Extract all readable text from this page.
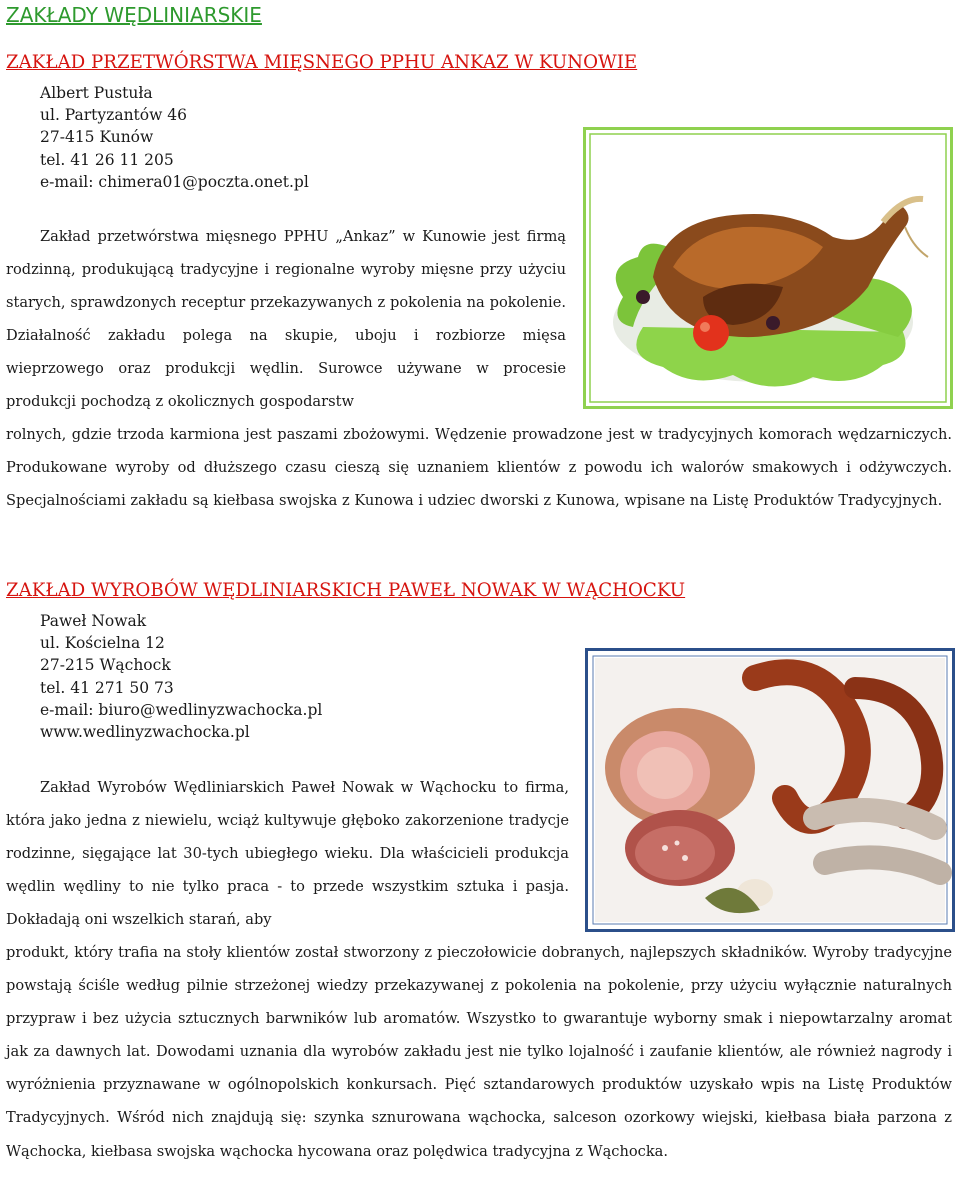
ZAKŁADY WĘDLINIARSKIE
ZAKŁAD PRZETWÓRSTWA MIĘSNEGO PPHU ANKAZ W KUNOWIE
Albert Pustuła
ul. Partyzantów 46
27-415 Kunów
tel. 41 26 11 205
e-mail: chimera01@poczta.onet.pl

Zakład przetwórstwa mięsnego PPHU „Ankaz” w Kunowie jest firmą rodzinną, produkującą tradycyjne i regionalne wyroby mięsne przy użyciu starych, sprawdzonych receptur przekazywanych z pokolenia na pokolenie. Działalność zakładu polega na skupie, uboju i rozbiorze mięsa wieprzowego oraz produkcji wędlin. Surowce używane w procesie produkcji pochodzą z okolicznych gospodarstw

rolnych, gdzie trzoda karmiona jest paszami zbożowymi. Wędzenie prowadzone jest w tradycyjnych komorach wędzarniczych. Produkowane wyroby od dłuższego czasu cieszą się uznaniem klientów z powodu ich walorów smakowych i odżywczych. Specjalnościami zakładu są kiełbasa swojska z Kunowa i udziec dworski z Kunowa, wpisane na Listę Produktów Tradycyjnych.

ZAKŁAD WYROBÓW WĘDLINIARSKICH PAWEŁ NOWAK W WĄCHOCKU
Paweł Nowak
ul. Kościelna 12
27-215 Wąchock
tel. 41 271 50 73
e-mail: biuro@wedlinyzwachocka.pl
www.wedlinyzwachocka.pl

Zakład Wyrobów Wędliniarskich Paweł Nowak w Wąchocku to firma, która jako jedna z niewielu, wciąż kultywuje głęboko zakorzenione tradycje rodzinne, sięgające lat 30-tych ubiegłego wieku. Dla właścicieli produkcja wędlin wędliny to nie tylko praca - to przede wszystkim sztuka i pasja. Dokładają oni wszelkich starań, aby

produkt, który trafia na stoły klientów został stworzony z pieczołowicie dobranych, najlepszych składników. Wyroby tradycyjne powstają ściśle według pilnie strzeżonej wiedzy przekazywanej z pokolenia na pokolenie, przy użyciu wyłącznie naturalnych przypraw i bez użycia sztucznych barwników lub aromatów. Wszystko to gwarantuje wyborny smak i niepowtarzalny aromat jak za dawnych lat. Dowodami uznania dla wyrobów zakładu jest nie tylko lojalność i zaufanie klientów, ale również nagrody i wyróżnienia przyznawane w ogólnopolskich konkursach. Pięć sztandarowych produktów uzyskało wpis na Listę Produktów Tradycyjnych. Wśród nich znajdują się: szynka sznurowana wąchocka, salceson ozorkowy wiejski, kiełbasa biała parzona z Wąchocka, kiełbasa swojska wąchocka hycowana oraz polędwica tradycyjna z Wąchocka.
